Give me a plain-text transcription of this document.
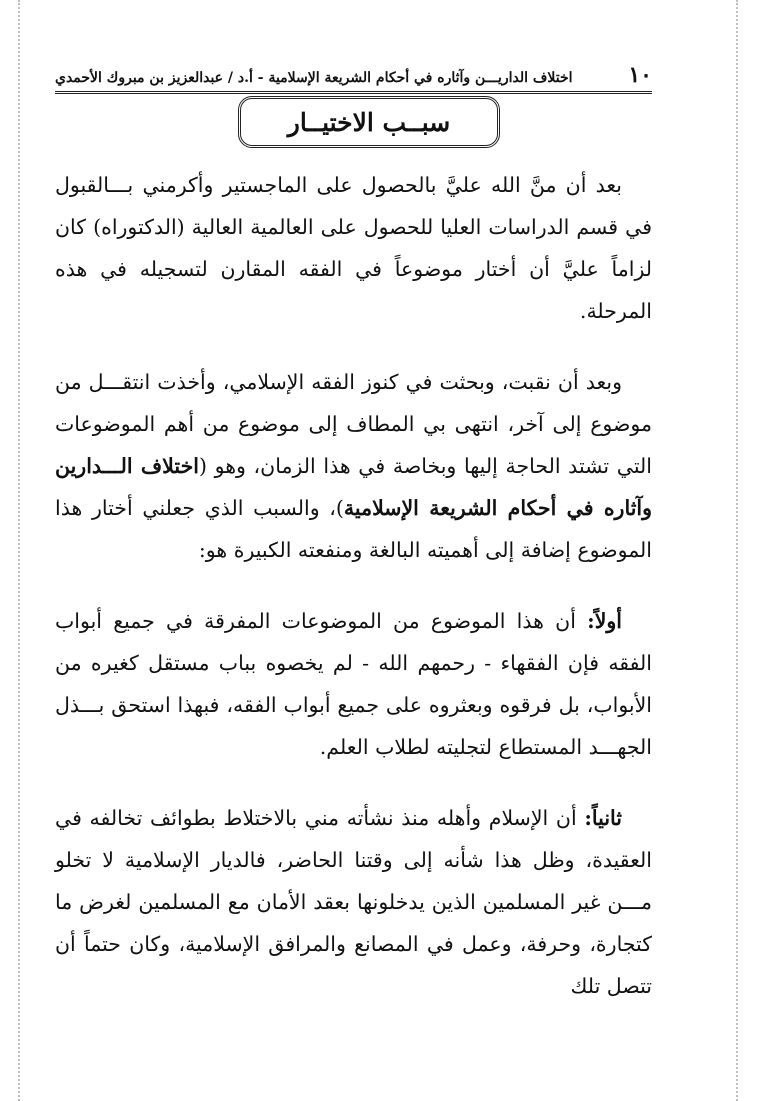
١٠
اختلاف الداريـــن وآثاره في أحكام الشريعة الإسلامية - أ.د / عبدالعزيز بن مبروك الأحمدي
سبــب الاختيــار

بعد أن منَّ الله عليَّ بالحصول على الماجستير وأكرمني بـــالقبول في قسم الدراسات العليا للحصول على العالمية العالية (الدكتوراه) كان لزاماً عليَّ أن أختار موضوعاً في الفقه المقارن لتسجيله في هذه المرحلة.

وبعد أن نقبت، وبحثت في كنوز الفقه الإسلامي، وأخذت انتقـــل من موضوع إلى آخر، انتهى بي المطاف إلى موضوع من أهم الموضوعات التي تشتد الحاجة إليها وبخاصة في هذا الزمان، وهو (اختلاف الـــدارين وآثاره في أحكام الشريعة الإسلامية)، والسبب الذي جعلني أختار هذا الموضوع إضافة إلى أهميته البالغة ومنفعته الكبيرة هو:

أولاً: أن هذا الموضوع من الموضوعات المفرقة في جميع أبواب الفقه فإن الفقهاء - رحمهم الله - لم يخصوه بباب مستقل كغيره من الأبواب، بل فرقوه وبعثروه على جميع أبواب الفقه، فبهذا استحق بـــذل الجهـــد المستطاع لتجليته لطلاب العلم.

ثانياً: أن الإسلام وأهله منذ نشأته مني بالاختلاط بطوائف تخالفه في العقيدة، وظل هذا شأنه إلى وقتنا الحاضر، فالديار الإسلامية لا تخلو مـــن غير المسلمين الذين يدخلونها بعقد الأمان مع المسلمين لغرض ما كتجارة، وحرفة، وعمل في المصانع والمرافق الإسلامية، وكان حتماً أن تتصل تلك
